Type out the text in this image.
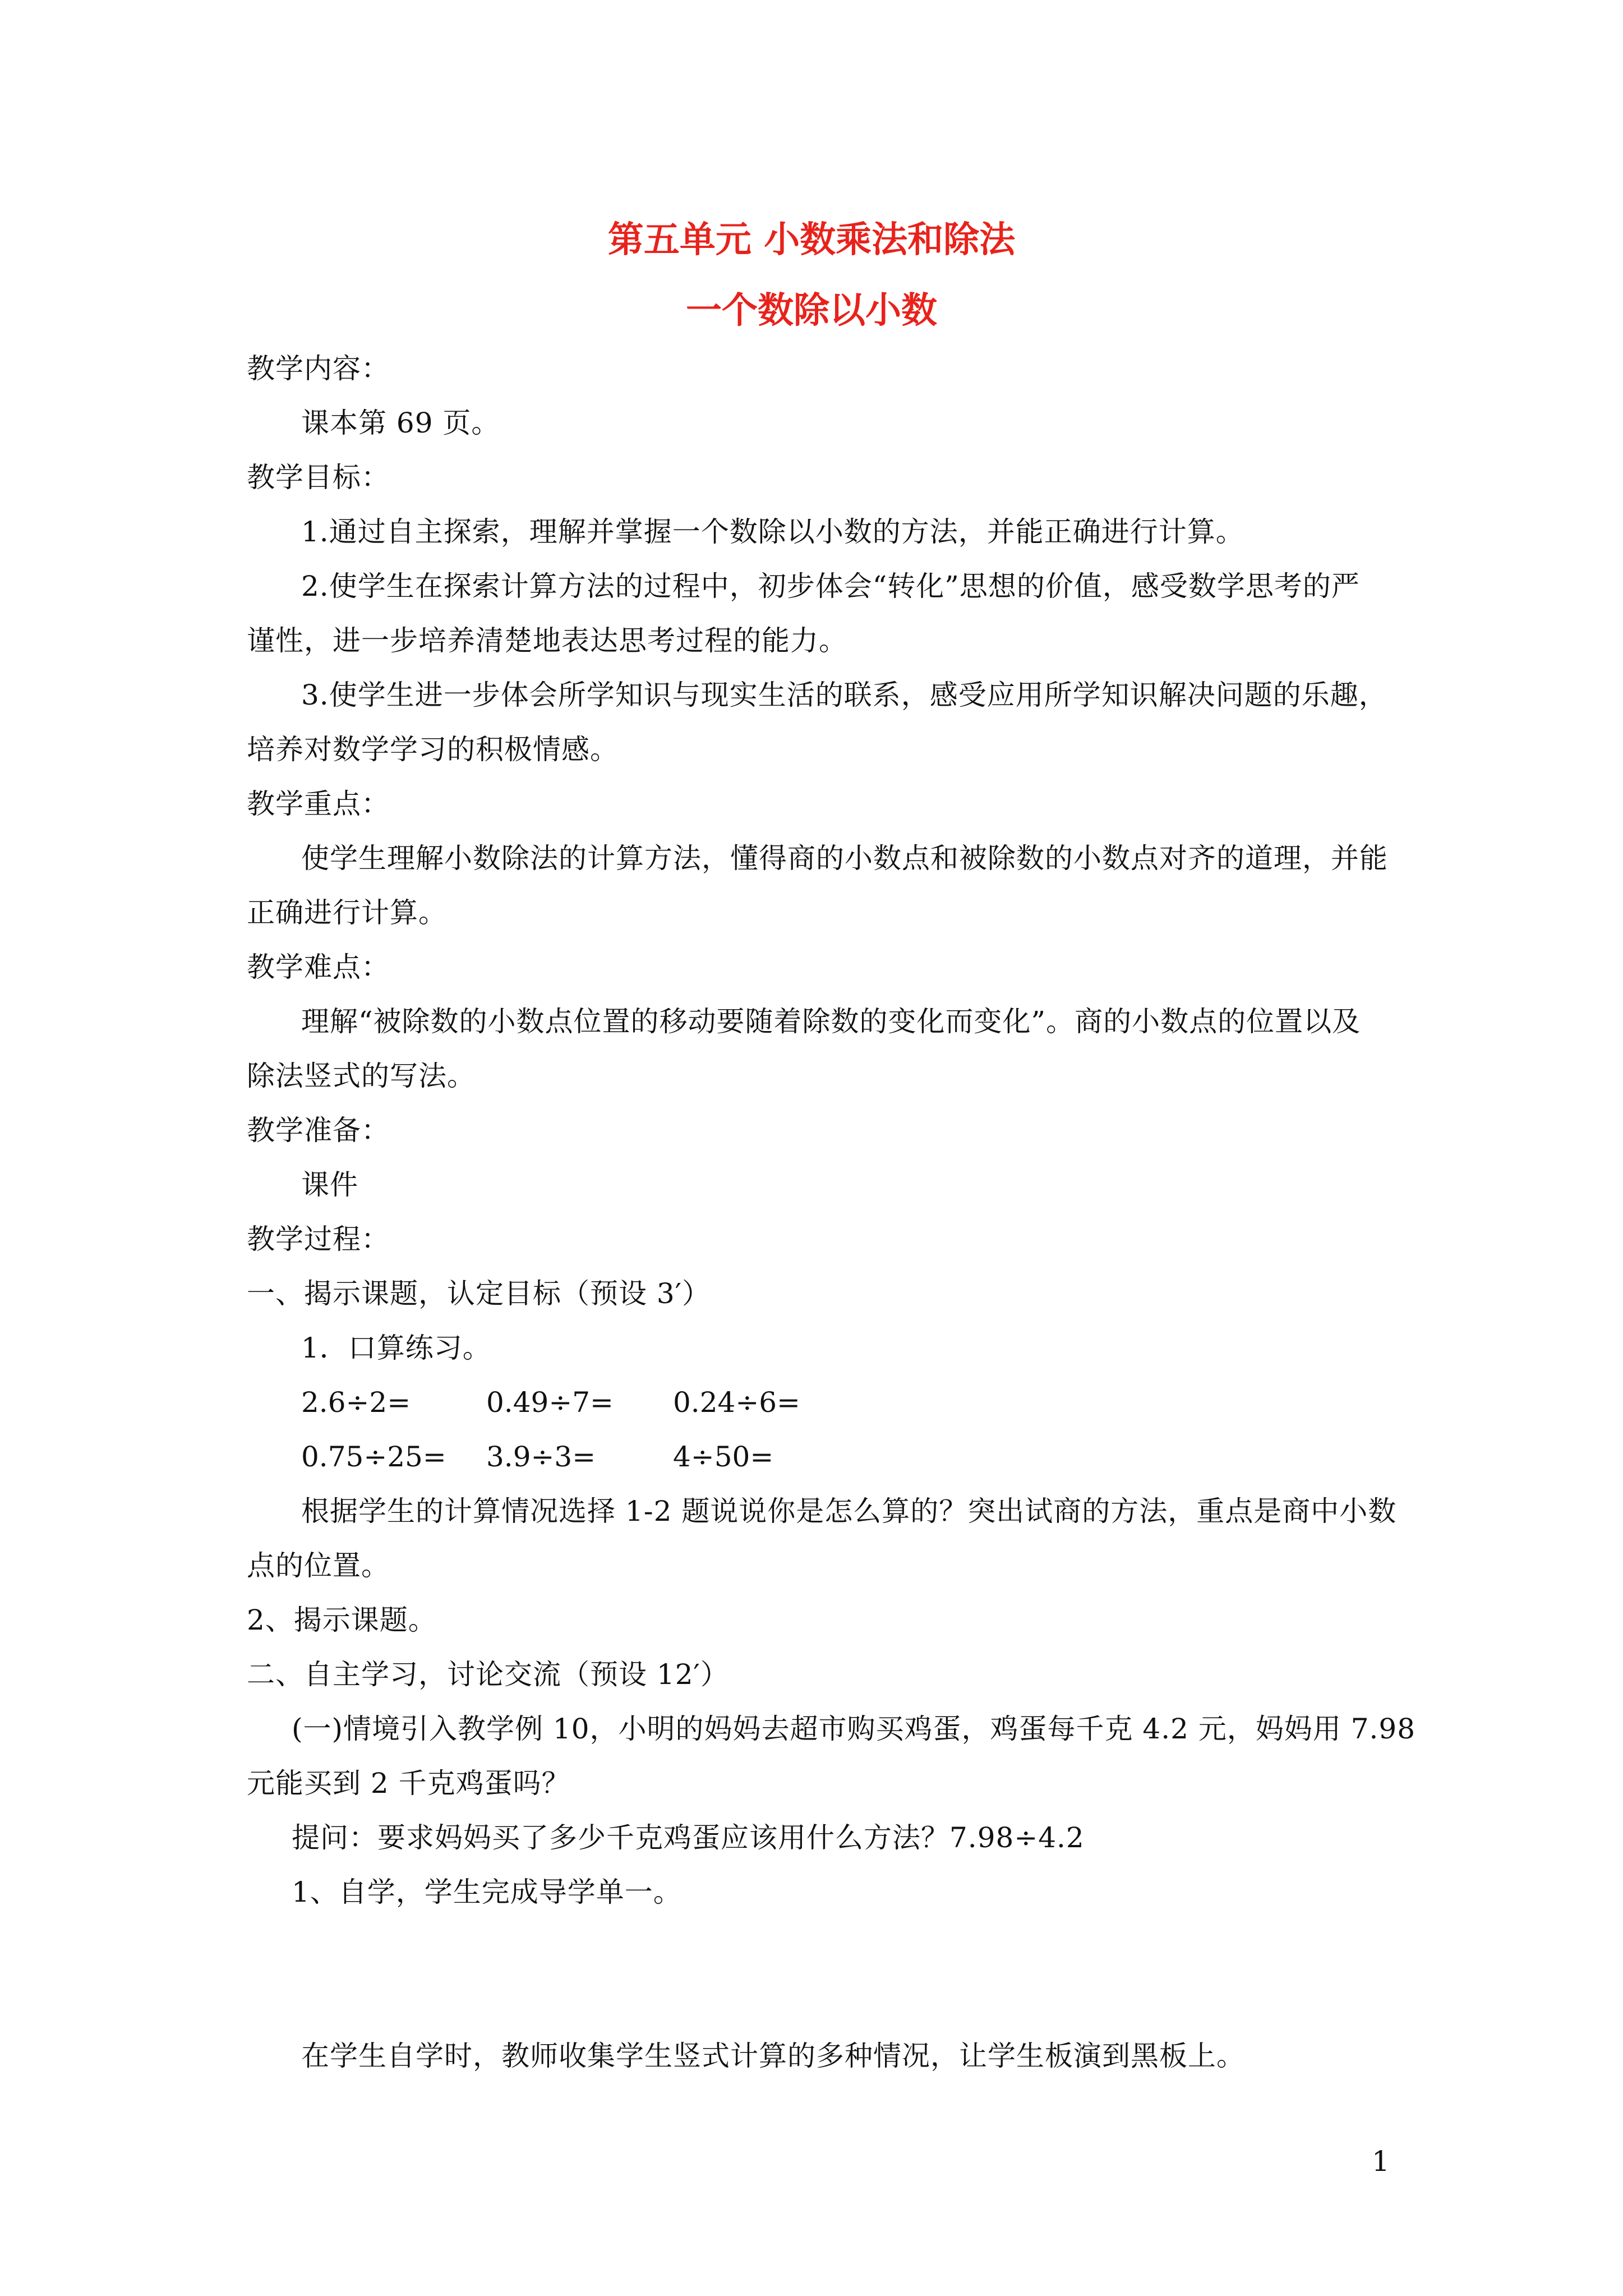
第五单元 小数乘法和除法
一个数除以小数
教学内容：
课本第 69 页。
教学目标：
1.通过自主探索，理解并掌握一个数除以小数的方法，并能正确进行计算。
2.使学生在探索计算方法的过程中，初步体会“转化”思想的价值，感受数学思考的严
谨性，进一步培养清楚地表达思考过程的能力。
3.使学生进一步体会所学知识与现实生活的联系，感受应用所学知识解决问题的乐趣，
培养对数学学习的积极情感。
教学重点：
使学生理解小数除法的计算方法，懂得商的小数点和被除数的小数点对齐的道理，并能
正确进行计算。
教学难点：
理解“被除数的小数点位置的移动要随着除数的变化而变化”。商的小数点的位置以及
除法竖式的写法。
教学准备：
课件
教学过程：
一、揭示课题，认定目标（预设 3′）
1．口算练习。
2.6÷2=	0.49÷7= 0.24÷6=
0.75÷25= 3.9÷3=	4÷50=
根据学生的计算情况选择 1-2 题说说你是怎么算的？突出试商的方法，重点是商中小数
点的位置。
2、揭示课题。
二、自主学习，讨论交流（预设 12′）
(一)情境引入教学例 10，小明的妈妈去超市购买鸡蛋，鸡蛋每千克 4.2 元，妈妈用 7.98
元能买到 2 千克鸡蛋吗？
提问：要求妈妈买了多少千克鸡蛋应该用什么方法？7.98÷4.2
1、自学，学生完成导学单一。
在学生自学时，教师收集学生竖式计算的多种情况，让学生板演到黑板上。
1
